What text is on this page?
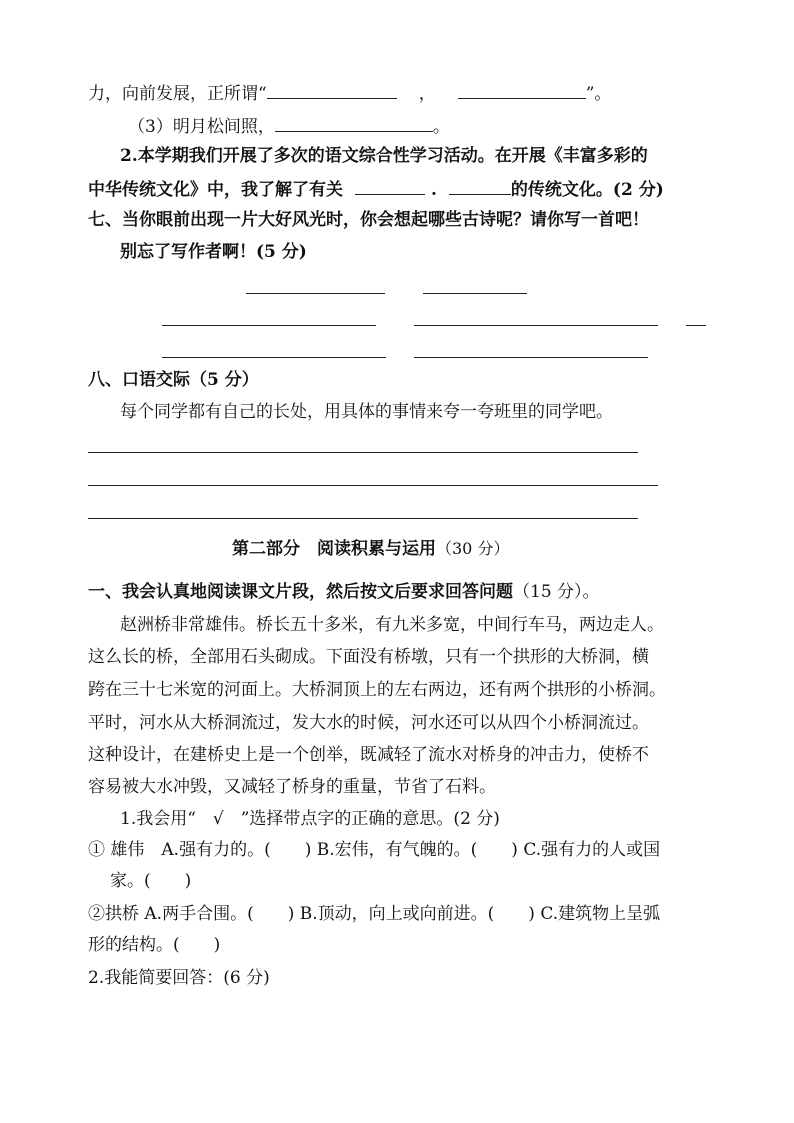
力，向前发展，正所谓“	，	”。
（3）明月松间照，	。
2.本学期我们开展了多次的语文综合性学习活动。在开展《丰富多彩的
中华传统文化》中，我了解了有关	.	的传统文化。(2 分)
七、当你眼前出现一片大好风光时，你会想起哪些古诗呢？请你写一首吧！
别忘了写作者啊！(5 分)
八、口语交际（5 分）
每个同学都有自己的长处，用具体的事情来夸一夸班里的同学吧。
第二部分　阅读积累与运用（30 分）
一、我会认真地阅读课文片段，然后按文后要求回答问题（15 分）。
赵洲桥非常雄伟。桥长五十多米，有九米多宽，中间行车马，两边走人。
这么长的桥，全部用石头砌成。下面没有桥墩，只有一个拱形的大桥洞，横
跨在三十七米宽的河面上。大桥洞顶上的左右两边，还有两个拱形的小桥洞。
平时，河水从大桥洞流过，发大水的时候，河水还可以从四个小桥洞流过。
这种设计，在建桥史上是一个创举，既减轻了流水对桥身的冲击力，使桥不
容易被大水冲毁，又减轻了桥身的重量，节省了石料。
1.我会用“　√　”选择带点字的正确的意思。(2 分)
① 雄伟　A.强有力的。(　　) B.宏伟，有气魄的。(　　) C.强有力的人或国
家。(　　)
②拱桥 A.两手合围。(　　) B.顶动，向上或向前进。(　　) C.建筑物上呈弧
形的结构。(　　)
2.我能简要回答：(6 分)
